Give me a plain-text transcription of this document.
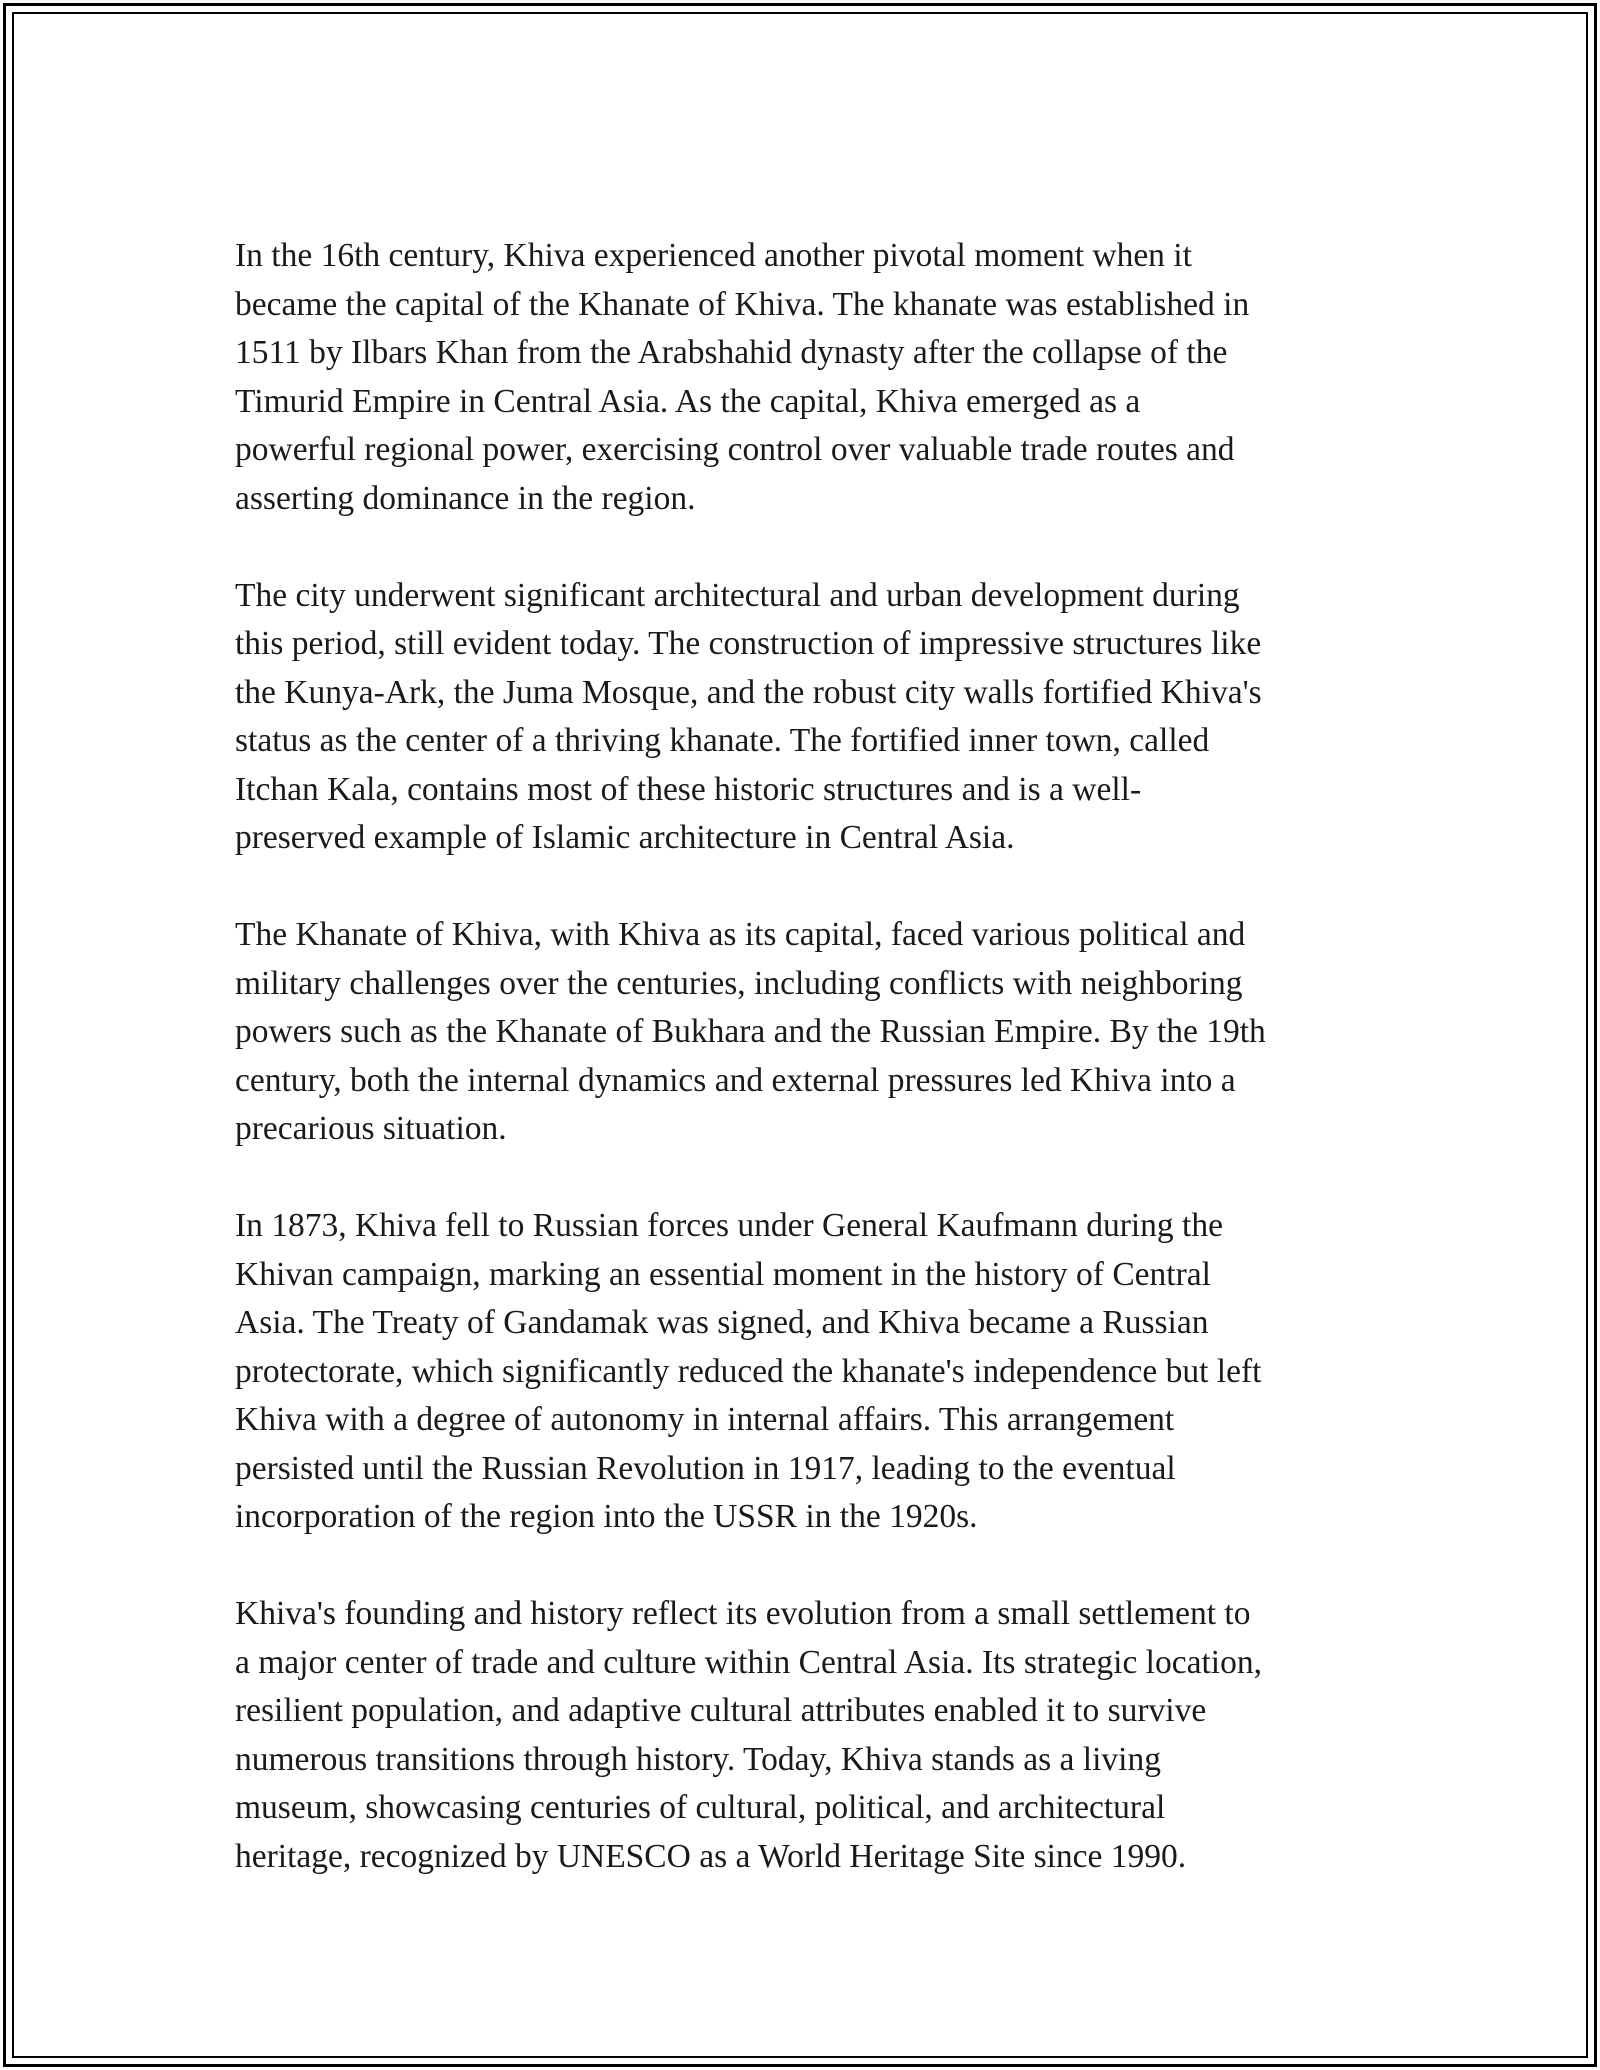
In the 16th century, Khiva experienced another pivotal moment when it
became the capital of the Khanate of Khiva. The khanate was established in
1511 by Ilbars Khan from the Arabshahid dynasty after the collapse of the
Timurid Empire in Central Asia. As the capital, Khiva emerged as a
powerful regional power, exercising control over valuable trade routes and
asserting dominance in the region.

The city underwent significant architectural and urban development during
this period, still evident today. The construction of impressive structures like
the Kunya-Ark, the Juma Mosque, and the robust city walls fortified Khiva's
status as the center of a thriving khanate. The fortified inner town, called
Itchan Kala, contains most of these historic structures and is a well-
preserved example of Islamic architecture in Central Asia.

The Khanate of Khiva, with Khiva as its capital, faced various political and
military challenges over the centuries, including conflicts with neighboring
powers such as the Khanate of Bukhara and the Russian Empire. By the 19th
century, both the internal dynamics and external pressures led Khiva into a
precarious situation.

In 1873, Khiva fell to Russian forces under General Kaufmann during the
Khivan campaign, marking an essential moment in the history of Central
Asia. The Treaty of Gandamak was signed, and Khiva became a Russian
protectorate, which significantly reduced the khanate's independence but left
Khiva with a degree of autonomy in internal affairs. This arrangement
persisted until the Russian Revolution in 1917, leading to the eventual
incorporation of the region into the USSR in the 1920s.

Khiva's founding and history reflect its evolution from a small settlement to
a major center of trade and culture within Central Asia. Its strategic location,
resilient population, and adaptive cultural attributes enabled it to survive
numerous transitions through history. Today, Khiva stands as a living
museum, showcasing centuries of cultural, political, and architectural
heritage, recognized by UNESCO as a World Heritage Site since 1990.
